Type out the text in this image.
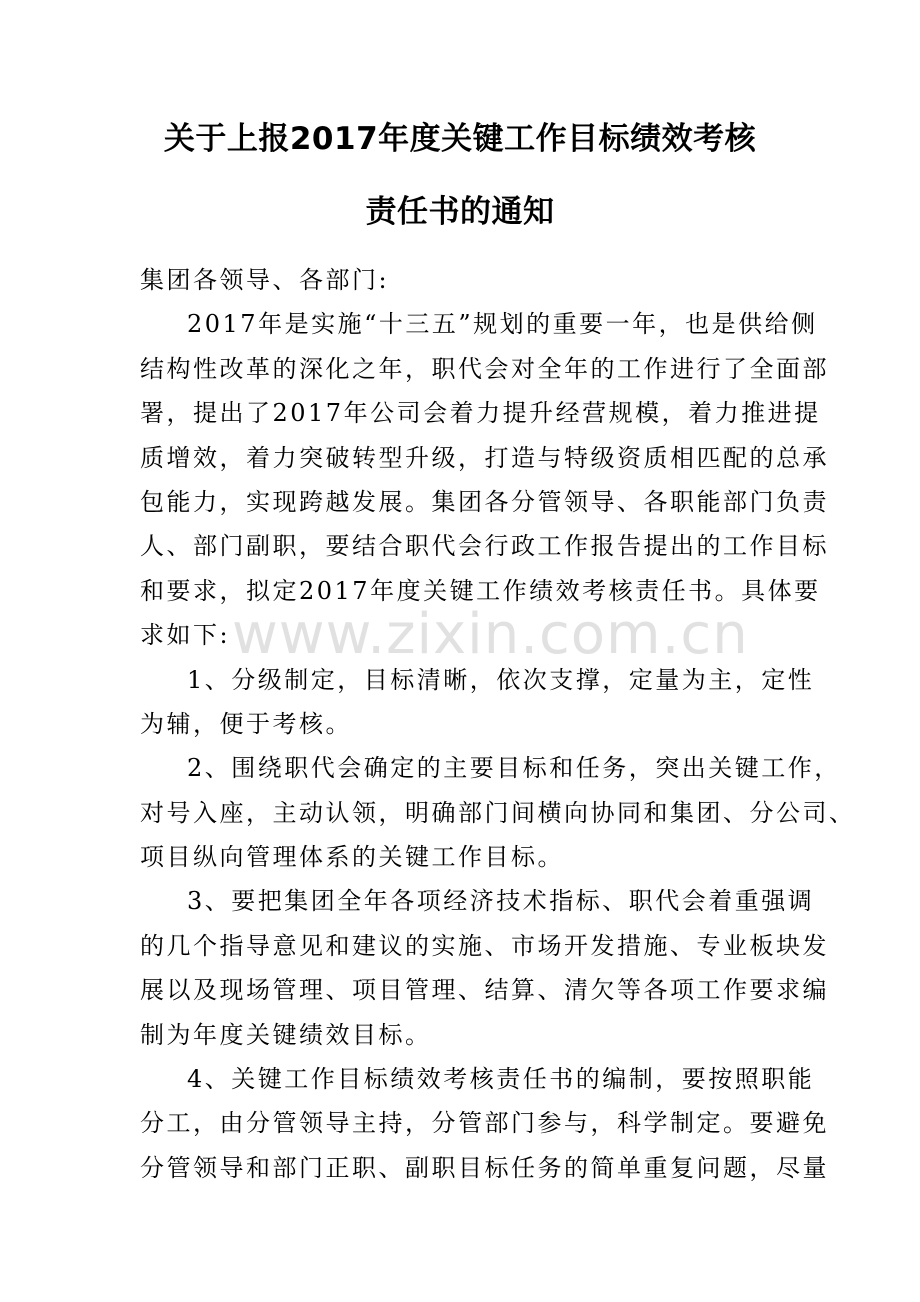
关于上报2017年度关键工作目标绩效考核
责任书的通知
集团各领导、各部门:
2017年是实施“十三五”规划的重要一年，也是供给侧
结构性改革的深化之年，职代会对全年的工作进行了全面部
署，提出了2017年公司会着力提升经营规模，着力推进提
质增效，着力突破转型升级，打造与特级资质相匹配的总承
包能力，实现跨越发展。集团各分管领导、各职能部门负责
人、部门副职，要结合职代会行政工作报告提出的工作目标
和要求，拟定2017年度关键工作绩效考核责任书。具体要
求如下:
1、分级制定，目标清晰，依次支撑，定量为主，定性
为辅，便于考核。
2、围绕职代会确定的主要目标和任务，突出关键工作，
对号入座，主动认领，明确部门间横向协同和集团、分公司、
项目纵向管理体系的关键工作目标。
3、要把集团全年各项经济技术指标、职代会着重强调
的几个指导意见和建议的实施、市场开发措施、专业板块发
展以及现场管理、项目管理、结算、清欠等各项工作要求编
制为年度关键绩效目标。
4、关键工作目标绩效考核责任书的编制，要按照职能
分工，由分管领导主持，分管部门参与，科学制定。要避免
分管领导和部门正职、副职目标任务的简单重复问题，尽量
www.zixin.com.cn
